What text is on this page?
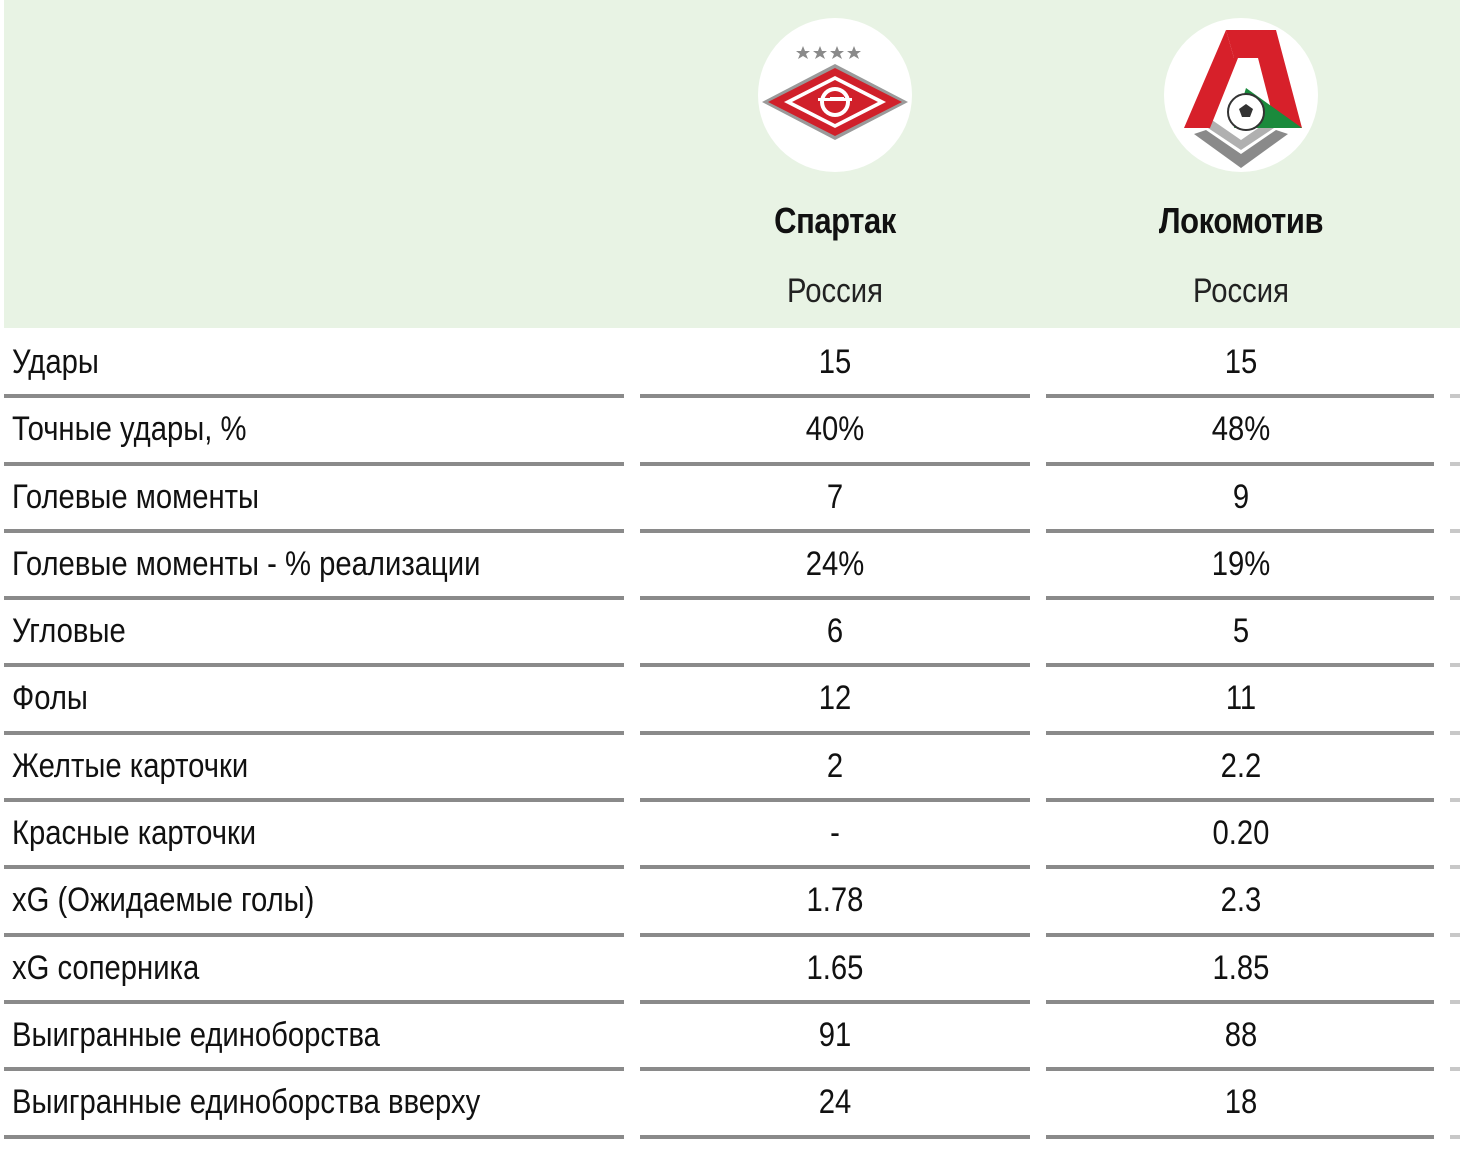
Спартак
Россия
Локомотив
Россия
Удары	15	15
Точные удары, %	40%	48%
Голевые моменты	7	9
Голевые моменты - % реализации	24%	19%
Угловые	6	5
Фолы	12	11
Желтые карточки	2	2.2
Красные карточки	-	0.20
xG (Ожидаемые голы)	1.78	2.3
xG соперника	1.65	1.85
Выигранные единоборства	91	88
Выигранные единоборства вверху	24	18
